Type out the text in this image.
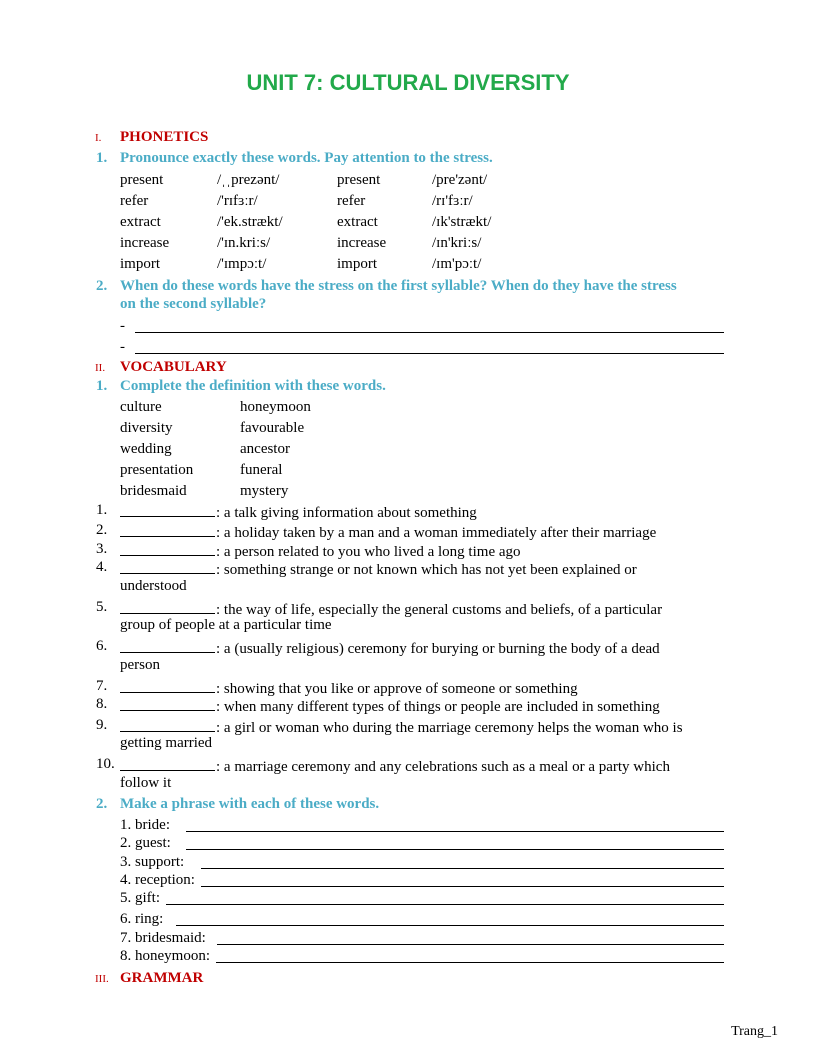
UNIT 7: CULTURAL DIVERSITY
I. PHONETICS
1. Pronounce exactly these words. Pay attention to the stress.
present	/ˌˌprezənt/	present	/pre'zənt/
refer	/'rɪfɜːr/	refer	/rɪ'fɜːr/
extract	/'ek.strækt/	extract	/ɪk'strækt/
increase	/'ɪn.kriːs/	increase	/ɪn'kriːs/
import	/'ɪmpɔːt/	import	/ɪm'pɔːt/
2. When do these words have the stress on the first syllable? When do they have the stress
on the second syllable?
-
-
II. VOCABULARY
1. Complete the definition with these words.
culture	honeymoon
diversity	favourable
wedding	ancestor
presentation	funeral
bridesmaid	mystery
1.	: a talk giving information about something
2.	: a holiday taken by a man and a woman immediately after their marriage
3.	: a person related to you who lived a long time ago
4.	: something strange or not known which has not yet been explained or
understood
5.	: the way of life, especially the general customs and beliefs, of a particular
group of people at a particular time
6.	: a (usually religious) ceremony for burying or burning the body of a dead
person
7.	: showing that you like or approve of someone or something
8.	: when many different types of things or people are included in something
9.	: a girl or woman who during the marriage ceremony helps the woman who is
getting married
10.	: a marriage ceremony and any celebrations such as a meal or a party which
follow it
2. Make a phrase with each of these words.
1. bride:
2. guest:
3. support:
4. reception:
5. gift:
6. ring:
7. bridesmaid:
8. honeymoon:
III. GRAMMAR
Trang_1
